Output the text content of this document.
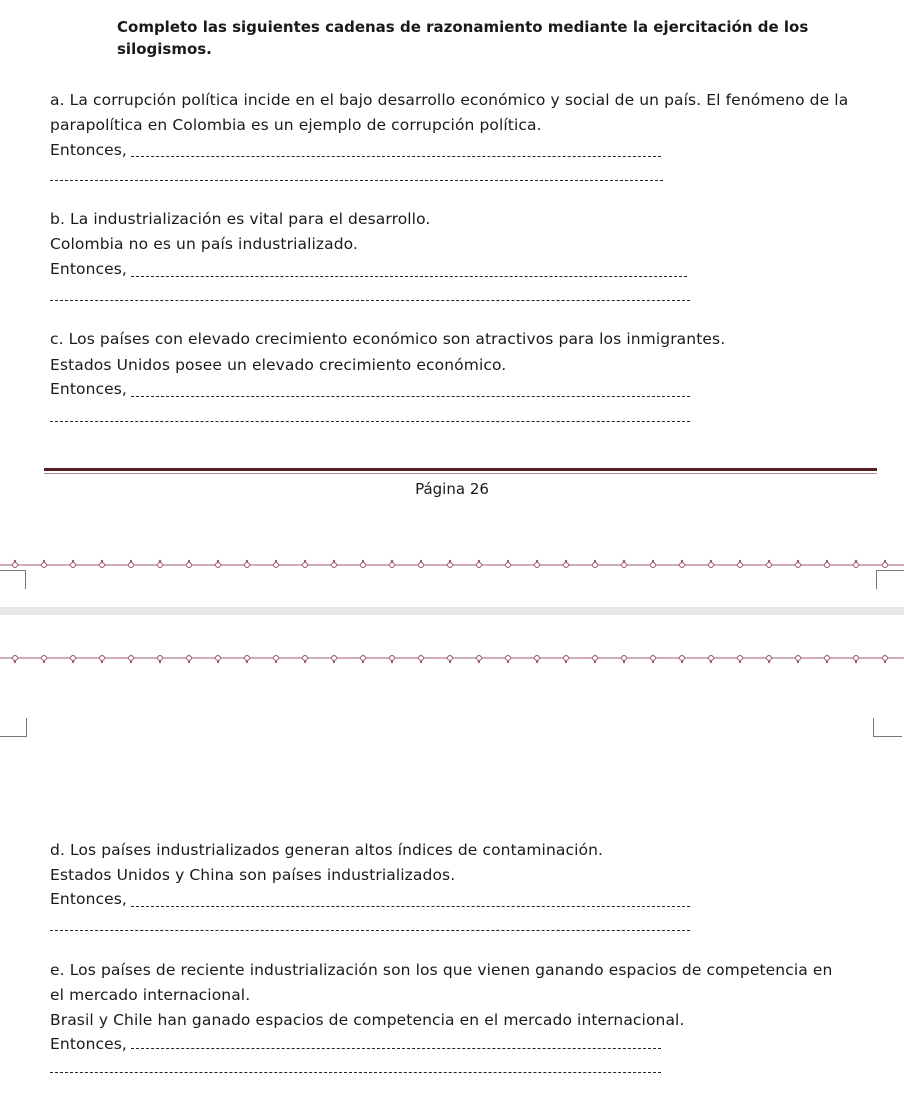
Completo las siguientes cadenas de razonamiento mediante la ejercitación de los
silogismos.
a. La corrupción política incide en el bajo desarrollo económico y social de un país. El fenómeno de la
parapolítica en Colombia es un ejemplo de corrupción política.
Entonces,
b. La industrialización es vital para el desarrollo.
Colombia no es un país industrializado.
Entonces,
c. Los países con elevado crecimiento económico son atractivos para los inmigrantes.
Estados Unidos posee un elevado crecimiento económico.
Entonces,
Página 26
d. Los países industrializados generan altos índices de contaminación.
Estados Unidos y China son países industrializados.
Entonces,
e. Los países de reciente industrialización son los que vienen ganando espacios de competencia en
el mercado internacional.
Brasil y Chile han ganado espacios de competencia en el mercado internacional.
Entonces,
